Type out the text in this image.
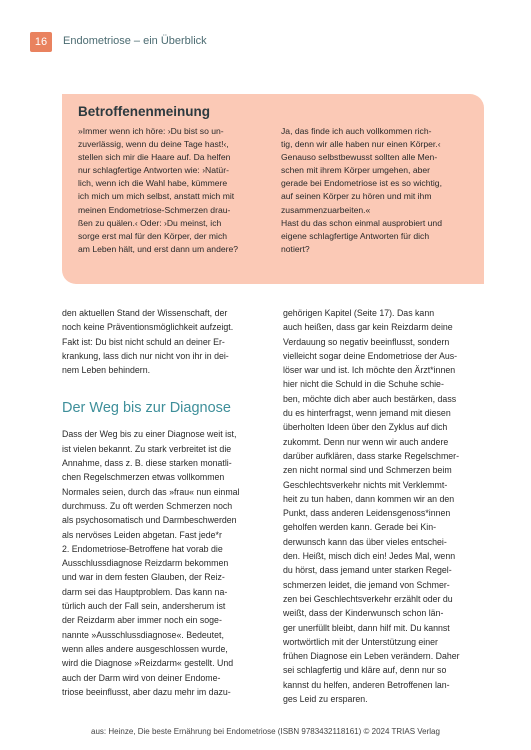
16	Endometriose – ein Überblick
Betroffenenmeinung
»Immer wenn ich höre: ›Du bist so un-
zuverlässig, wenn du deine Tage hast!‹,
stellen sich mir die Haare auf. Da helfen
nur schlagfertige Antworten wie: ›Natür-
lich, wenn ich die Wahl habe, kümmere
ich mich um mich selbst, anstatt mich mit
meinen Endometriose-Schmerzen drau-
ßen zu quälen.‹ Oder: ›Du meinst, ich
sorge erst mal für den Körper, der mich
am Leben hält, und erst dann um andere?
Ja, das finde ich auch vollkommen rich-
tig, denn wir alle haben nur einen Körper.‹
Genauso selbstbewusst sollten alle Men-
schen mit ihrem Körper umgehen, aber
gerade bei Endometriose ist es so wichtig,
auf seinen Körper zu hören und mit ihm
zusammenzuarbeiten.«
Hast du das schon einmal ausprobiert und
eigene schlagfertige Antworten für dich
notiert?
den aktuellen Stand der Wissenschaft, der
noch keine Präventionsmöglichkeit aufzeigt.
Fakt ist: Du bist nicht schuld an deiner Er-
krankung, lass dich nur nicht von ihr in dei-
nem Leben behindern.
Der Weg bis zur Diagnose
Dass der Weg bis zu einer Diagnose weit ist,
ist vielen bekannt. Zu stark verbreitet ist die
Annahme, dass z. B. diese starken monatli-
chen Regelschmerzen etwas vollkommen
Normales seien, durch das »frau« nun einmal
durchmuss. Zu oft werden Schmerzen noch
als psychosomatisch und Darmbeschwerden
als nervöses Leiden abgetan. Fast jede*r
2. Endometriose-Betroffene hat vorab die
Ausschlussdiagnose Reizdarm bekommen
und war in dem festen Glauben, der Reiz-
darm sei das Hauptproblem. Das kann na-
türlich auch der Fall sein, andersherum ist
der Reizdarm aber immer noch ein soge-
nannte »Ausschlussdiagnose«. Bedeutet,
wenn alles andere ausgeschlossen wurde,
wird die Diagnose »Reizdarm« gestellt. Und
auch der Darm wird von deiner Endome-
triose beeinflusst, aber dazu mehr im dazu-
gehörigen Kapitel (Seite 17). Das kann
auch heißen, dass gar kein Reizdarm deine
Verdauung so negativ beeinflusst, sondern
vielleicht sogar deine Endometriose der Aus-
löser war und ist. Ich möchte den Ärzt*innen
hier nicht die Schuld in die Schuhe schie-
ben, möchte dich aber auch bestärken, dass
du es hinterfragst, wenn jemand mit diesen
überholten Ideen über den Zyklus auf dich
zukommt. Denn nur wenn wir auch andere
darüber aufklären, dass starke Regelschmer-
zen nicht normal sind und Schmerzen beim
Geschlechtsverkehr nichts mit Verklemmt-
heit zu tun haben, dann kommen wir an den
Punkt, dass anderen Leidensgenoss*innen
geholfen werden kann. Gerade bei Kin-
derwunsch kann das über vieles entschei-
den. Heißt, misch dich ein! Jedes Mal, wenn
du hörst, dass jemand unter starken Regel-
schmerzen leidet, die jemand von Schmer-
zen bei Geschlechtsverkehr erzählt oder du
weißt, dass der Kinderwunsch schon län-
ger unerfüllt bleibt, dann hilf mit. Du kannst
wortwörtlich mit der Unterstützung einer
frühen Diagnose ein Leben verändern. Daher
sei schlagfertig und kläre auf, denn nur so
kannst du helfen, anderen Betroffenen lan-
ges Leid zu ersparen.
aus: Heinze, Die beste Ernährung bei Endometriose (ISBN 9783432118161) © 2024 TRIAS Verlag
